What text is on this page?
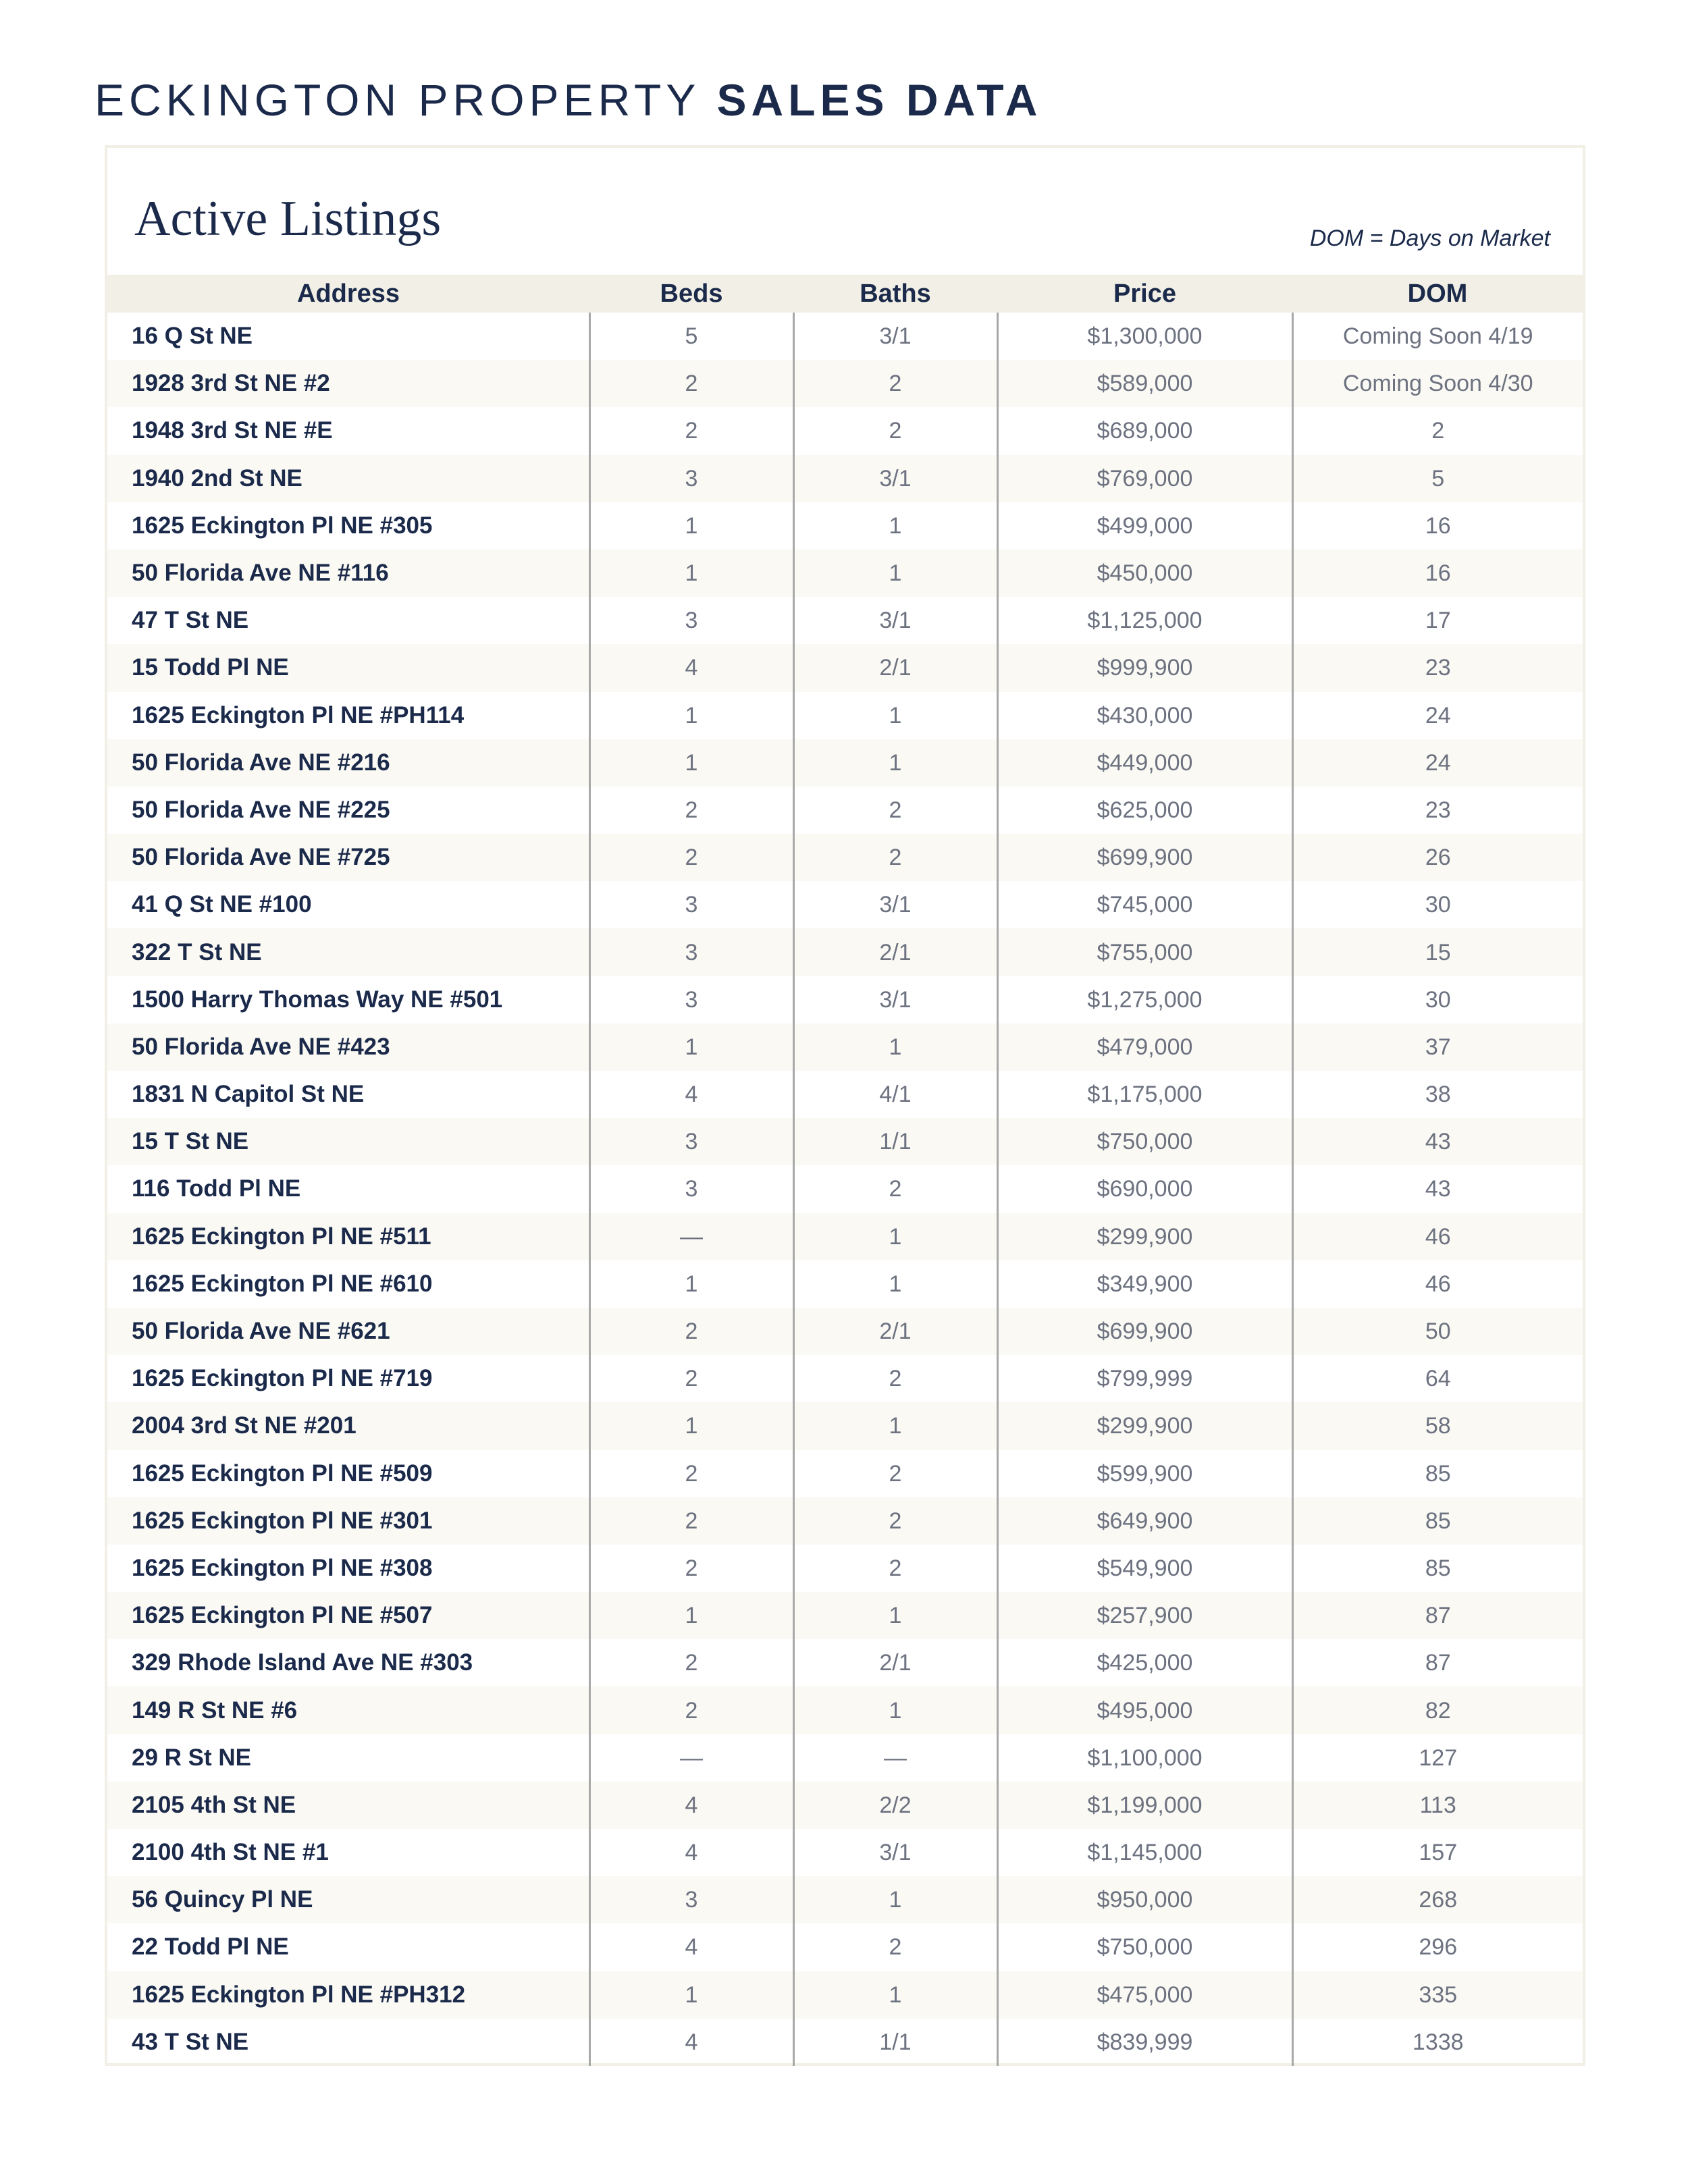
ECKINGTON PROPERTY SALES DATA
Active Listings	DOM = Days on Market
Address	Beds	Baths	Price	DOM
16 Q St NE	5	3/1	$1,300,000	Coming Soon 4/19
1928 3rd St NE #2	2	2	$589,000	Coming Soon 4/30
1948 3rd St NE #E	2	2	$689,000	2
1940 2nd St NE	3	3/1	$769,000	5
1625 Eckington Pl NE #305	1	1	$499,000	16
50 Florida Ave NE #116	1	1	$450,000	16
47 T St NE	3	3/1	$1,125,000	17
15 Todd Pl NE	4	2/1	$999,900	23
1625 Eckington Pl NE #PH114	1	1	$430,000	24
50 Florida Ave NE #216	1	1	$449,000	24
50 Florida Ave NE #225	2	2	$625,000	23
50 Florida Ave NE #725	2	2	$699,900	26
41 Q St NE #100	3	3/1	$745,000	30
322 T St NE	3	2/1	$755,000	15
1500 Harry Thomas Way NE #501	3	3/1	$1,275,000	30
50 Florida Ave NE #423	1	1	$479,000	37
1831 N Capitol St NE	4	4/1	$1,175,000	38
15 T St NE	3	1/1	$750,000	43
116 Todd Pl NE	3	2	$690,000	43
1625 Eckington Pl NE #511	—	1	$299,900	46
1625 Eckington Pl NE #610	1	1	$349,900	46
50 Florida Ave NE #621	2	2/1	$699,900	50
1625 Eckington Pl NE #719	2	2	$799,999	64
2004 3rd St NE #201	1	1	$299,900	58
1625 Eckington Pl NE #509	2	2	$599,900	85
1625 Eckington Pl NE #301	2	2	$649,900	85
1625 Eckington Pl NE #308	2	2	$549,900	85
1625 Eckington Pl NE #507	1	1	$257,900	87
329 Rhode Island Ave NE #303	2	2/1	$425,000	87
149 R St NE #6	2	1	$495,000	82
29 R St NE	—	—	$1,100,000	127
2105 4th St NE	4	2/2	$1,199,000	113
2100 4th St NE #1	4	3/1	$1,145,000	157
56 Quincy Pl NE	3	1	$950,000	268
22 Todd Pl NE	4	2	$750,000	296
1625 Eckington Pl NE #PH312	1	1	$475,000	335
43 T St NE	4	1/1	$839,999	1338
